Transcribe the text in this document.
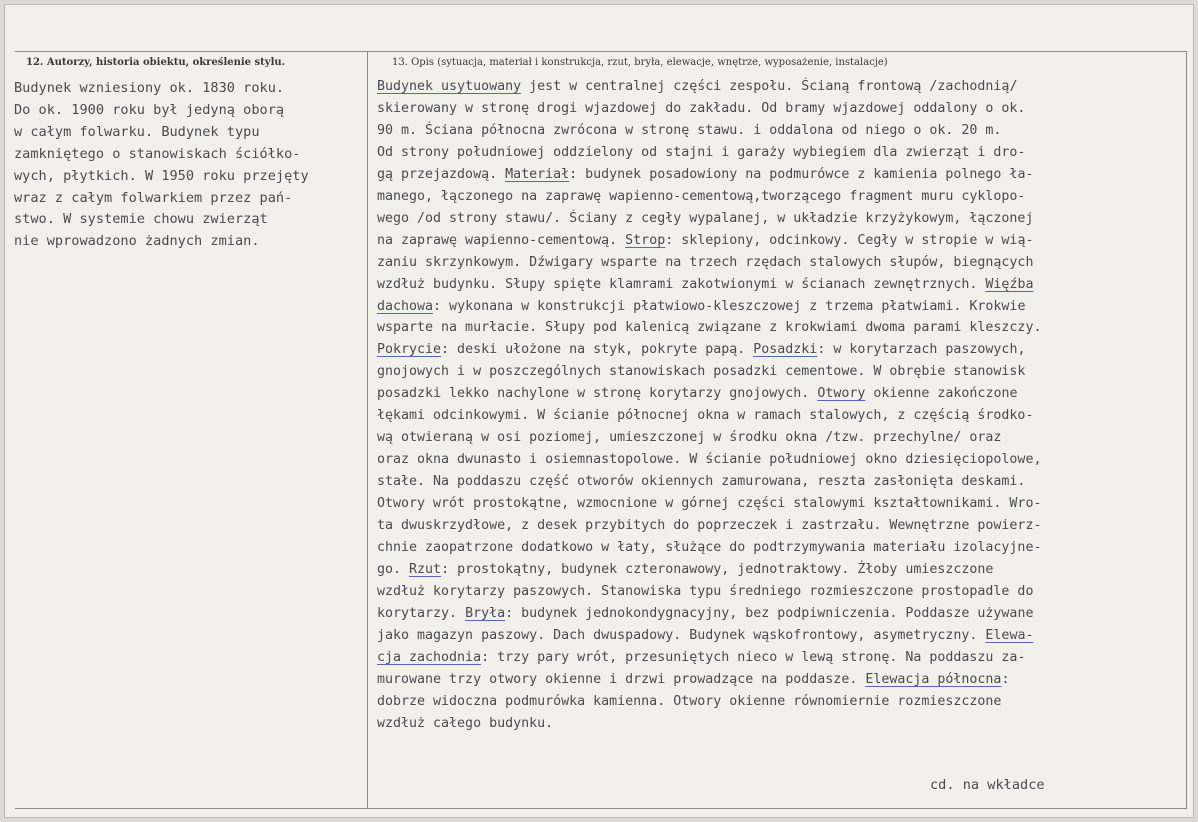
12. Autorzy, historia obiektu, określenie stylu.	13. Opis (sytuacja, materiał i konstrukcja, rzut, bryła, elewacje, wnętrze, wyposażenie, instalacje)
Budynek wzniesiony ok. 1830 roku.
Do ok. 1900 roku był jedyną oborą
w całym folwarku. Budynek typu
zamkniętego o stanowiskach ściółko-
wych, płytkich. W 1950 roku przejęty
wraz z całym folwarkiem przez pań-
stwo. W systemie chowu zwierząt
nie wprowadzono żadnych zmian.
Budynek usytuowany jest w centralnej części zespołu. Ścianą frontową /zachodnią/
skierowany w stronę drogi wjazdowej do zakładu. Od bramy wjazdowej oddalony o ok.
90 m. Ściana północna zwrócona w stronę stawu. i oddalona od niego o ok. 20 m.
Od strony południowej oddzielony od stajni i garaży wybiegiem dla zwierząt i dro-
gą przejazdową. Materiał: budynek posadowiony na podmurówce z kamienia polnego ła-
manego, łączonego na zaprawę wapienno-cementową,tworzącego fragment muru cyklopo-
wego /od strony stawu/. Ściany z cegły wypalanej, w układzie krzyżykowym, łączonej
na zaprawę wapienno-cementową. Strop: sklepiony, odcinkowy. Cegły w stropie w wią-
zaniu skrzynkowym. Dźwigary wsparte na trzech rzędach stalowych słupów, biegnących
wzdłuż budynku. Słupy spięte klamrami zakotwionymi w ścianach zewnętrznych. Więźba
dachowa: wykonana w konstrukcji płatwiowo-kleszczowej z trzema płatwiami. Krokwie
wsparte na murłacie. Słupy pod kalenicą związane z krokwiami dwoma parami kleszczy.
Pokrycie: deski ułożone na styk, pokryte papą. Posadzki: w korytarzach paszowych,
gnojowych i w poszczególnych stanowiskach posadzki cementowe. W obrębie stanowisk
posadzki lekko nachylone w stronę korytarzy gnojowych. Otwory okienne zakończone
łękami odcinkowymi. W ścianie północnej okna w ramach stalowych, z częścią środko-
wą otwieraną w osi poziomej, umieszczonej w środku okna /tzw. przechylne/ oraz
oraz okna dwunasto i osiemnastopolowe. W ścianie południowej okno dziesięciopolowe,
stałe. Na poddaszu część otworów okiennych zamurowana, reszta zasłonięta deskami.
Otwory wrót prostokątne, wzmocnione w górnej części stalowymi kształtownikami. Wro-
ta dwuskrzydłowe, z desek przybitych do poprzeczek i zastrzału. Wewnętrzne powierz-
chnie zaopatrzone dodatkowo w łaty, służące do podtrzymywania materiału izolacyjne-
go. Rzut: prostokątny, budynek czteronawowy, jednotraktowy. Żłoby umieszczone
wzdłuż korytarzy paszowych. Stanowiska typu średniego rozmieszczone prostopadle do
korytarzy. Bryła: budynek jednokondygnacyjny, bez podpiwniczenia. Poddasze używane
jako magazyn paszowy. Dach dwuspadowy. Budynek wąskofrontowy, asymetryczny. Elewa-
cja zachodnia: trzy pary wrót, przesuniętych nieco w lewą stronę. Na poddaszu za-
murowane trzy otwory okienne i drzwi prowadzące na poddasze. Elewacja północna:
dobrze widoczna podmurówka kamienna. Otwory okienne równomiernie rozmieszczone
wzdłuż całego budynku.
cd. na wkładce
